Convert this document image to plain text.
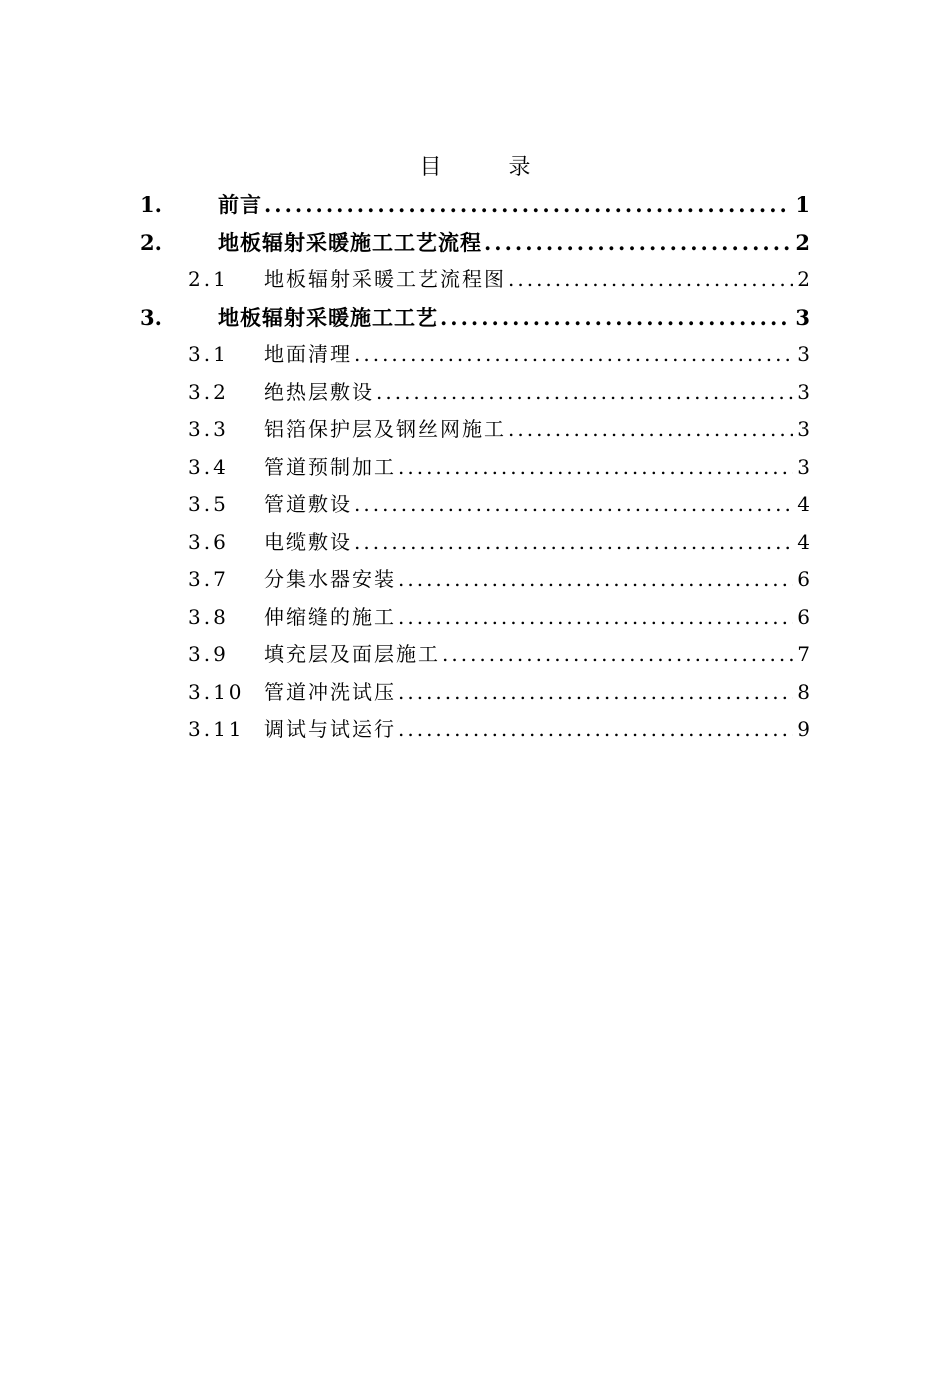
目 录
1.	前言 .....	1
2.	地板辐射采暖施工工艺流程 .....	2
2.1	地板辐射采暖工艺流程图 .....	2
3.	地板辐射采暖施工工艺 .....	3
3.1	地面清理 .....	3
3.2	绝热层敷设 .....	3
3.3	铝箔保护层及钢丝网施工 .....	3
3.4	管道预制加工 .....	3
3.5	管道敷设 .....	4
3.6	电缆敷设 .....	4
3.7	分集水器安装 .....	6
3.8	伸缩缝的施工 .....	6
3.9	填充层及面层施工 .....	7
3.10 管道冲洗试压 .....	8
3.11 调试与试运行 .....	9
